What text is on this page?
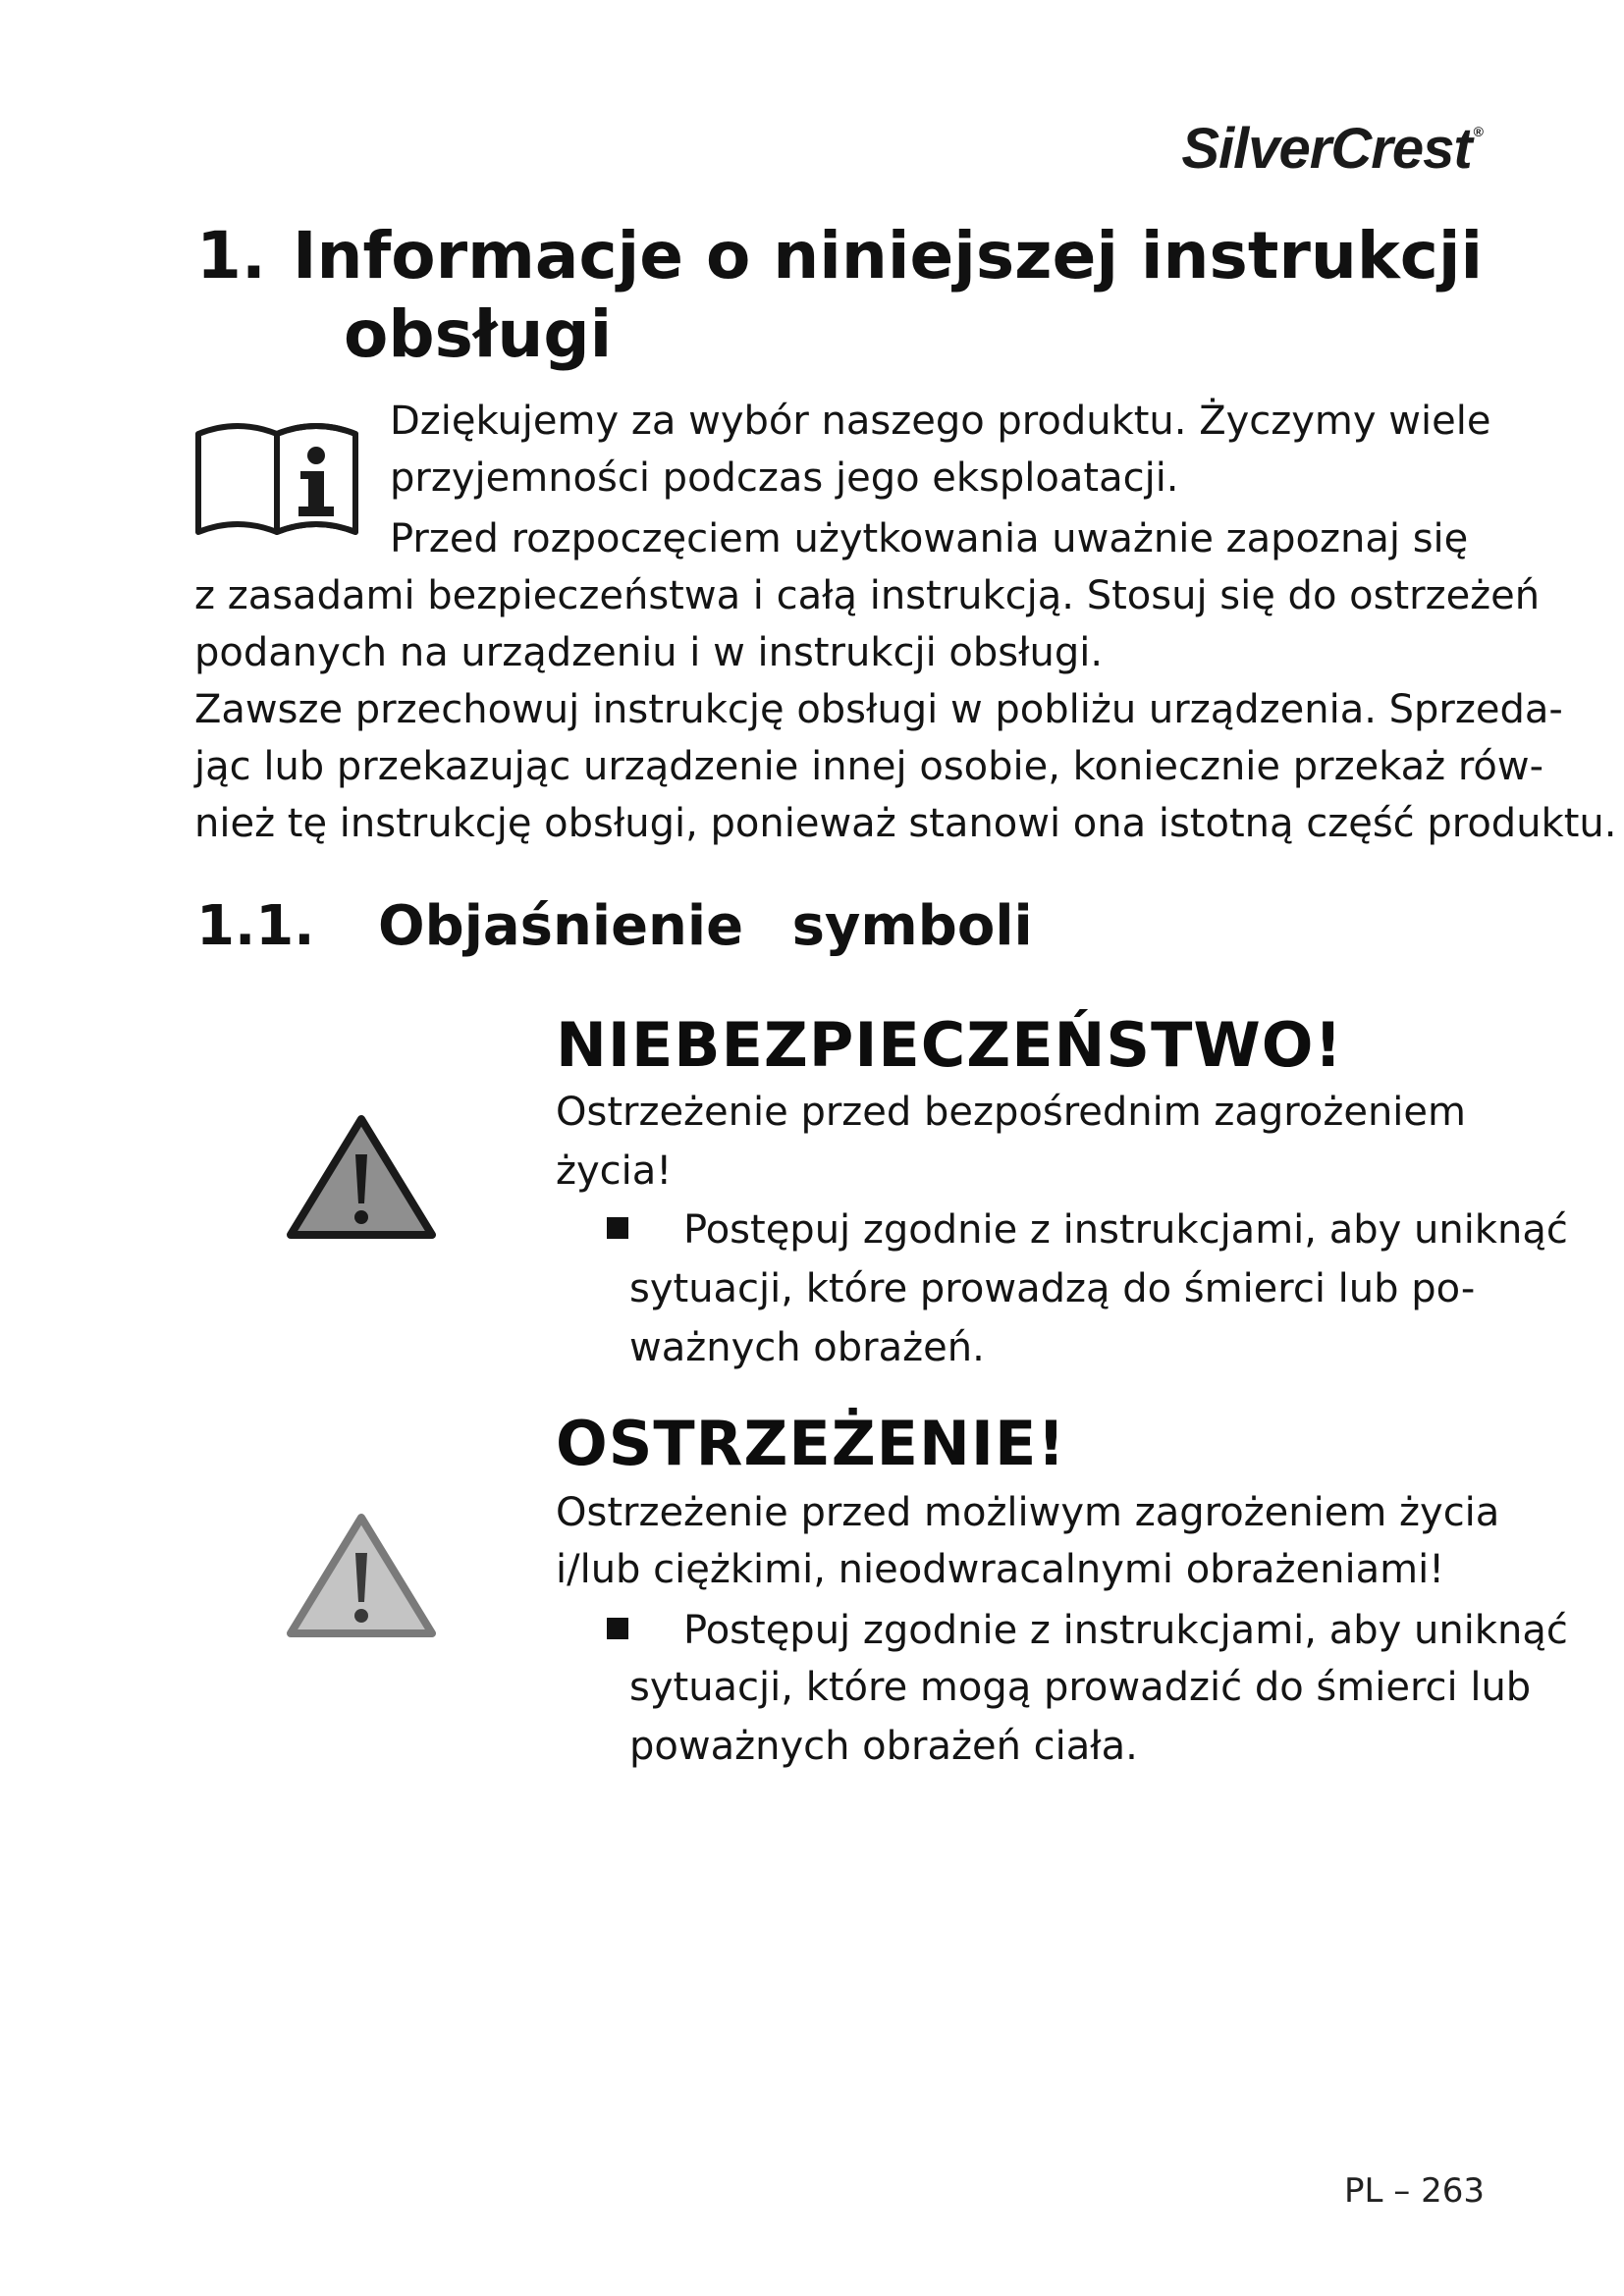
SilverCrest ®
1. Informacje o niniejszej instrukcji
obsługi
Dziękujemy za wybór naszego produktu. Życzymy wiele
przyjemności podczas jego eksploatacji.
Przed rozpoczęciem użytkowania uważnie zapoznaj się
z zasadami bezpieczeństwa i całą instrukcją. Stosuj się do ostrzeżeń
podanych na urządzeniu i w instrukcji obsługi.
Zawsze przechowuj instrukcję obsługi w pobliżu urządzenia. Sprzeda-
jąc lub przekazując urządzenie innej osobie, koniecznie przekaż rów-
nież tę instrukcję obsługi, ponieważ stanowi ona istotną część produktu.
1.1. Objaśnienie symboli
NIEBEZPIECZEŃSTWO!
Ostrzeżenie przed bezpośrednim zagrożeniem
życia!
Postępuj zgodnie z instrukcjami, aby uniknąć
sytuacji, które prowadzą do śmierci lub po-
ważnych obrażeń.
OSTRZEŻENIE!
Ostrzeżenie przed możliwym zagrożeniem życia
i/lub ciężkimi, nieodwracalnymi obrażeniami!
Postępuj zgodnie z instrukcjami, aby uniknąć
sytuacji, które mogą prowadzić do śmierci lub
poważnych obrażeń ciała.
PL – 263
